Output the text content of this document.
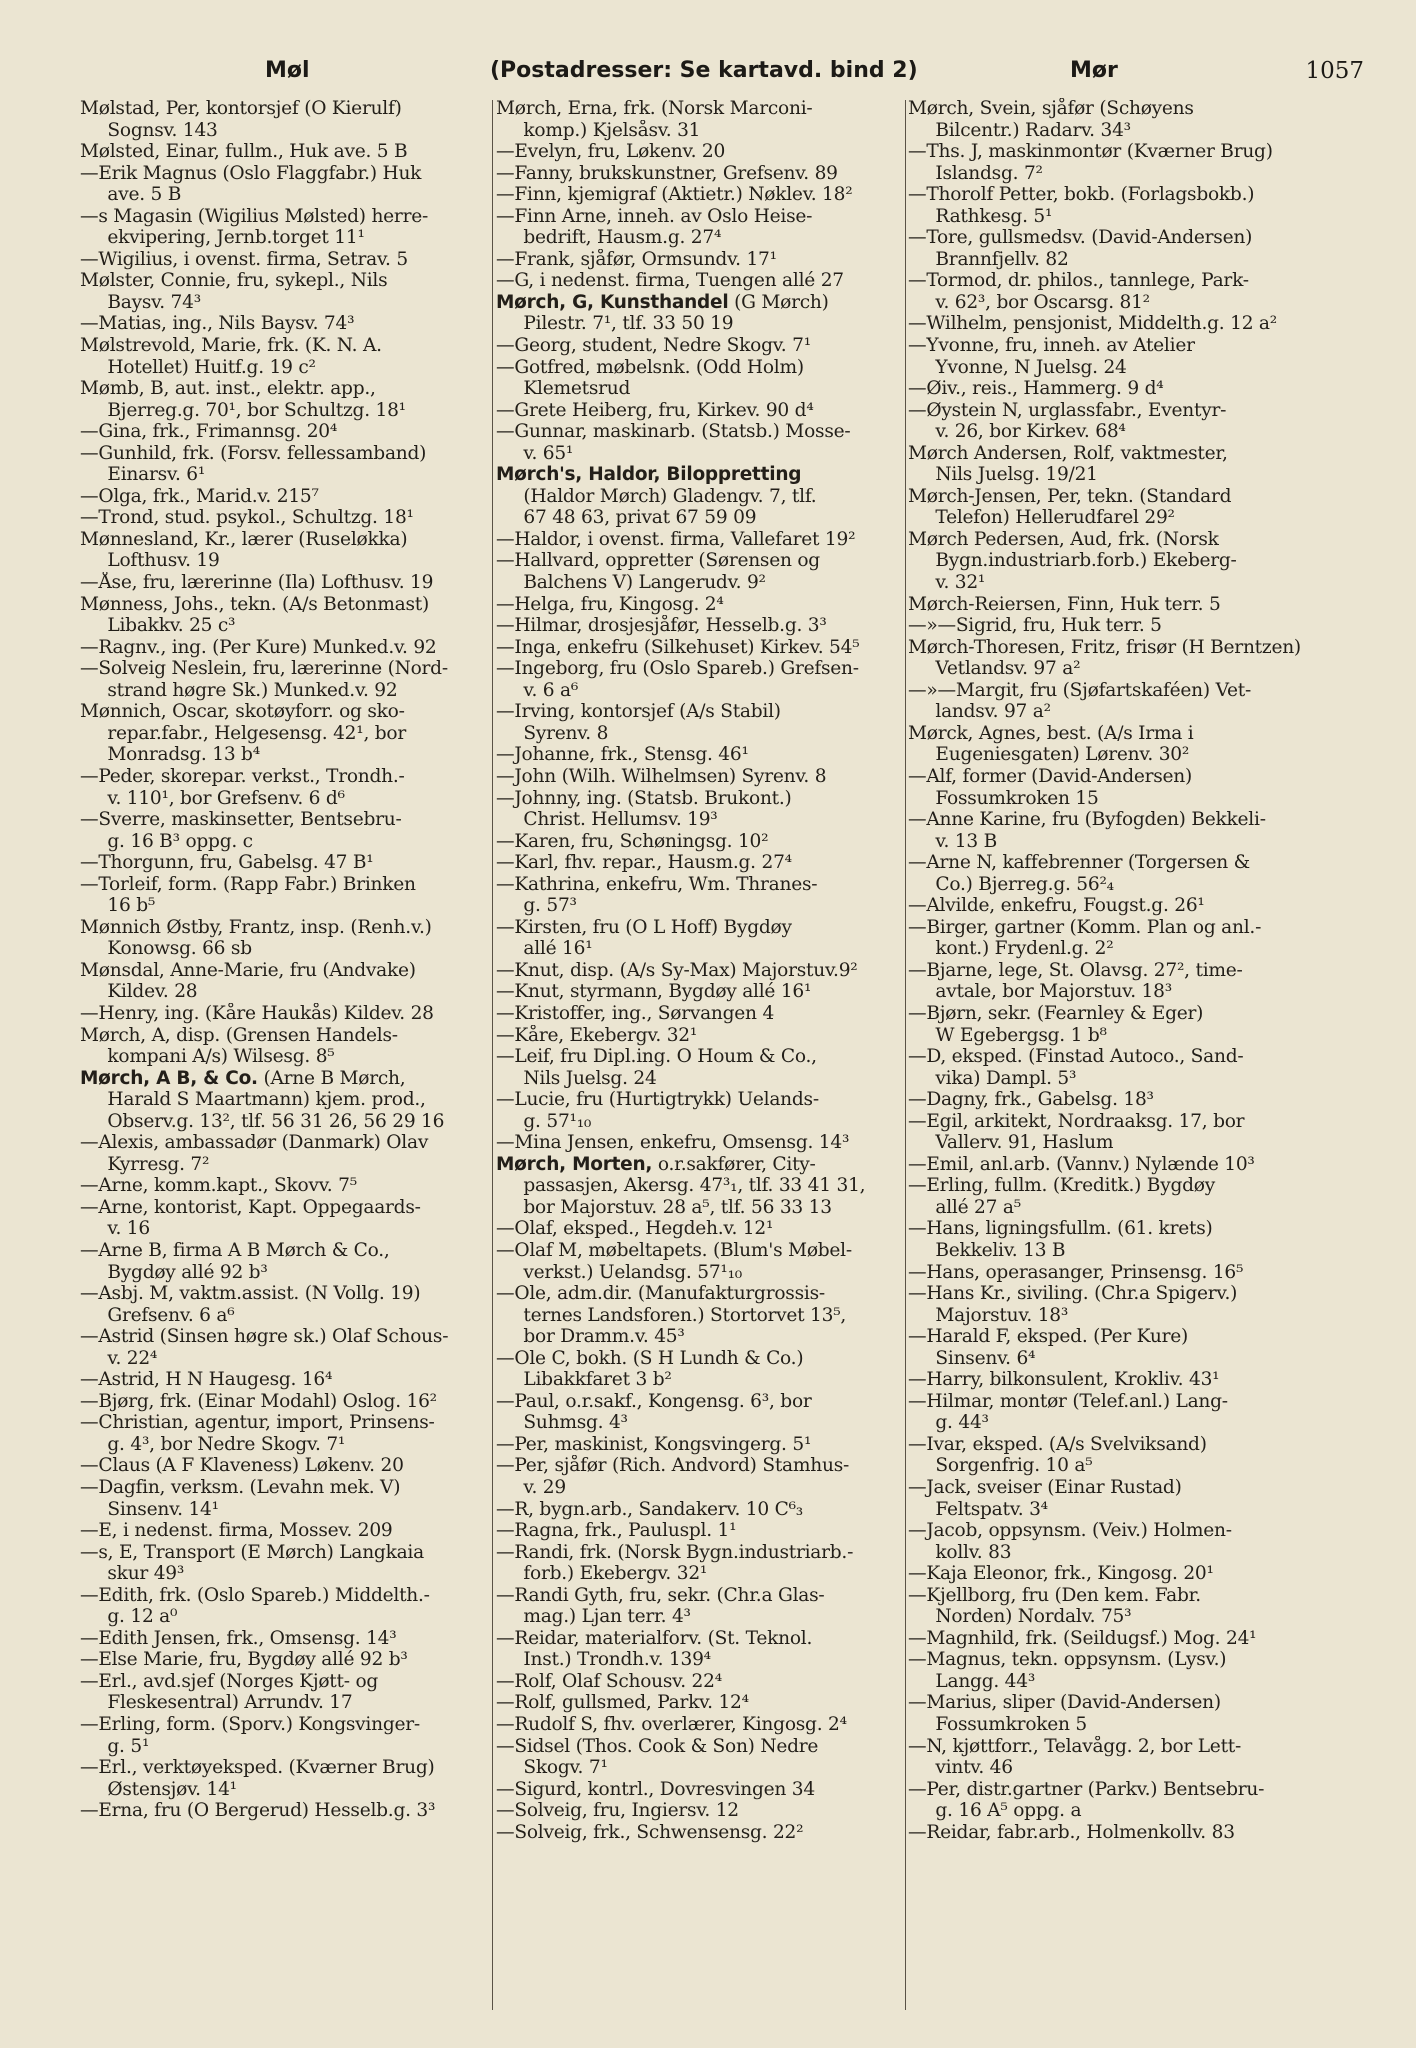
Møl	(Postadresser: Se kartavd. bind 2)	Mør	1057
Mølstad, Per, kontorsjef (O Kierulf)
  Sognsv. 143
Mølsted, Einar, fullm., Huk ave. 5 B
—Erik Magnus (Oslo Flaggfabr.) Huk
  ave. 5 B
—s Magasin (Wigilius Mølsted) herre-
  ekvipering, Jernb.torget 11¹
—Wigilius, i ovenst. firma, Setrav. 5
Mølster, Connie, fru, sykepl., Nils
  Baysv. 74³
—Matias, ing., Nils Baysv. 74³
Mølstrevold, Marie, frk. (K. N. A.
  Hotellet) Huitf.g. 19 c²
Mømb, B, aut. inst., elektr. app.,
  Bjerreg.g. 70¹, bor Schultzg. 18¹
—Gina, frk., Frimannsg. 20⁴
—Gunhild, frk. (Forsv. fellessamband)
  Einarsv. 6¹
—Olga, frk., Marid.v. 215⁷
—Trond, stud. psykol., Schultzg. 18¹
Mønnesland, Kr., lærer (Ruseløkka)
  Lofthusv. 19
—Åse, fru, lærerinne (Ila) Lofthusv. 19
Mønness, Johs., tekn. (A/s Betonmast)
  Libakkv. 25 c³
—Ragnv., ing. (Per Kure) Munked.v. 92
—Solveig Neslein, fru, lærerinne (Nord-
  strand høgre Sk.) Munked.v. 92
Mønnich, Oscar, skotøyforr. og sko-
  repar.fabr., Helgesensg. 42¹, bor
  Monradsg. 13 b⁴
—Peder, skorepar. verkst., Trondh.-
  v. 110¹, bor Grefsenv. 6 d⁶
—Sverre, maskinsetter, Bentsebru-
  g. 16 B³ oppg. c
—Thorgunn, fru, Gabelsg. 47 B¹
—Torleif, form. (Rapp Fabr.) Brinken
  16 b⁵
Mønnich Østby, Frantz, insp. (Renh.v.)
  Konowsg. 66 sb
Mønsdal, Anne-Marie, fru (Andvake)
  Kildev. 28
—Henry, ing. (Kåre Haukås) Kildev. 28
Mørch, A, disp. (Grensen Handels-
  kompani A/s) Wilsesg. 8⁵
Mørch, A B, & Co. (Arne B Mørch,
  Harald S Maartmann) kjem. prod.,
  Observ.g. 13², tlf. 56 31 26, 56 29 16
—Alexis, ambassadør (Danmark) Olav
  Kyrresg. 7²
—Arne, komm.kapt., Skovv. 7⁵
—Arne, kontorist, Kapt. Oppegaards-
  v. 16
—Arne B, firma A B Mørch & Co.,
  Bygdøy allé 92 b³
—Asbj. M, vaktm.assist. (N Vollg. 19)
  Grefsenv. 6 a⁶
—Astrid (Sinsen høgre sk.) Olaf Schous-
  v. 22⁴
—Astrid, H N Haugesg. 16⁴
—Bjørg, frk. (Einar Modahl) Oslog. 16²
—Christian, agentur, import, Prinsens-
  g. 4³, bor Nedre Skogv. 7¹
—Claus (A F Klaveness) Løkenv. 20
—Dagfin, verksm. (Levahn mek. V)
  Sinsenv. 14¹
—E, i nedenst. firma, Mossev. 209
—s, E, Transport (E Mørch) Langkaia
  skur 49³
—Edith, frk. (Oslo Spareb.) Middelth.-
  g. 12 a⁰
—Edith Jensen, frk., Omsensg. 14³
—Else Marie, fru, Bygdøy allé 92 b³
—Erl., avd.sjef (Norges Kjøtt- og
  Fleskesentral) Arrundv. 17
—Erling, form. (Sporv.) Kongsvinger-
  g. 5¹
—Erl., verktøyeksped. (Kværner Brug)
  Østensjøv. 14¹
—Erna, fru (O Bergerud) Hesselb.g. 3³
Mørch, Erna, frk. (Norsk Marconi-
  komp.) Kjelsåsv. 31
—Evelyn, fru, Løkenv. 20
—Fanny, brukskunstner, Grefsenv. 89
—Finn, kjemigraf (Aktietr.) Nøklev. 18²
—Finn Arne, inneh. av Oslo Heise-
  bedrift, Hausm.g. 27⁴
—Frank, sjåfør, Ormsundv. 17¹
—G, i nedenst. firma, Tuengen allé 27
Mørch, G, Kunsthandel (G Mørch)
  Pilestr. 7¹, tlf. 33 50 19
—Georg, student, Nedre Skogv. 7¹
—Gotfred, møbelsnk. (Odd Holm)
  Klemetsrud
—Grete Heiberg, fru, Kirkev. 90 d⁴
—Gunnar, maskinarb. (Statsb.) Mosse-
  v. 65¹
Mørch's, Haldor, Biloppretting
  (Haldor Mørch) Gladengv. 7, tlf.
  67 48 63, privat 67 59 09
—Haldor, i ovenst. firma, Vallefaret 19²
—Hallvard, oppretter (Sørensen og
  Balchens V) Langerudv. 9²
—Helga, fru, Kingosg. 2⁴
—Hilmar, drosjesjåfør, Hesselb.g. 3³
—Inga, enkefru (Silkehuset) Kirkev. 54⁵
—Ingeborg, fru (Oslo Spareb.) Grefsen-
  v. 6 a⁶
—Irving, kontorsjef (A/s Stabil)
  Syrenv. 8
—Johanne, frk., Stensg. 46¹
—John (Wilh. Wilhelmsen) Syrenv. 8
—Johnny, ing. (Statsb. Brukont.)
  Christ. Hellumsv. 19³
—Karen, fru, Schøningsg. 10²
—Karl, fhv. repar., Hausm.g. 27⁴
—Kathrina, enkefru, Wm. Thranes-
  g. 57³
—Kirsten, fru (O L Hoff) Bygdøy
  allé 16¹
—Knut, disp. (A/s Sy-Max) Majorstuv.9²
—Knut, styrmann, Bygdøy allé 16¹
—Kristoffer, ing., Sørvangen 4
—Kåre, Ekebergv. 32¹
—Leif, fru Dipl.ing. O Houm & Co.,
  Nils Juelsg. 24
—Lucie, fru (Hurtigtrykk) Uelands-
  g. 57¹₁₀
—Mina Jensen, enkefru, Omsensg. 14³
Mørch, Morten, o.r.sakfører, City-
  passasjen, Akersg. 47³₁, tlf. 33 41 31,
  bor Majorstuv. 28 a⁵, tlf. 56 33 13
—Olaf, eksped., Hegdeh.v. 12¹
—Olaf M, møbeltapets. (Blum's Møbel-
  verkst.) Uelandsg. 57¹₁₀
—Ole, adm.dir. (Manufakturgrossis-
  ternes Landsforen.) Stortorvet 13⁵,
  bor Dramm.v. 45³
—Ole C, bokh. (S H Lundh & Co.)
  Libakkfaret 3 b²
—Paul, o.r.sakf., Kongensg. 6³, bor
  Suhmsg. 4³
—Per, maskinist, Kongsvingerg. 5¹
—Per, sjåfør (Rich. Andvord) Stamhus-
  v. 29
—R, bygn.arb., Sandakerv. 10 C⁶₃
—Ragna, frk., Pauluspl. 1¹
—Randi, frk. (Norsk Bygn.industriarb.-
  forb.) Ekebergv. 32¹
—Randi Gyth, fru, sekr. (Chr.a Glas-
  mag.) Ljan terr. 4³
—Reidar, materialforv. (St. Teknol.
  Inst.) Trondh.v. 139⁴
—Rolf, Olaf Schousv. 22⁴
—Rolf, gullsmed, Parkv. 12⁴
—Rudolf S, fhv. overlærer, Kingosg. 2⁴
—Sidsel (Thos. Cook & Son) Nedre
  Skogv. 7¹
—Sigurd, kontrl., Dovresvingen 34
—Solveig, fru, Ingiersv. 12
—Solveig, frk., Schwensensg. 22²
Mørch, Svein, sjåfør (Schøyens
  Bilcentr.) Radarv. 34³
—Ths. J, maskinmontør (Kværner Brug)
  Islandsg. 7²
—Thorolf Petter, bokb. (Forlagsbokb.)
  Rathkesg. 5¹
—Tore, gullsmedsv. (David-Andersen)
  Brannfjellv. 82
—Tormod, dr. philos., tannlege, Park-
  v. 62³, bor Oscarsg. 81²
—Wilhelm, pensjonist, Middelth.g. 12 a²
—Yvonne, fru, inneh. av Atelier
  Yvonne, N Juelsg. 24
—Øiv., reis., Hammerg. 9 d⁴
—Øystein N, urglassfabr., Eventyr-
  v. 26, bor Kirkev. 68⁴
Mørch Andersen, Rolf, vaktmester,
  Nils Juelsg. 19/21
Mørch-Jensen, Per, tekn. (Standard
  Telefon) Hellerudfarel 29²
Mørch Pedersen, Aud, frk. (Norsk
  Bygn.industriarb.forb.) Ekeberg-
  v. 32¹
Mørch-Reiersen, Finn, Huk terr. 5
—»—Sigrid, fru, Huk terr. 5
Mørch-Thoresen, Fritz, frisør (H Berntzen)
  Vetlandsv. 97 a²
—»—Margit, fru (Sjøfartskaféen) Vet-
  landsv. 97 a²
Mørck, Agnes, best. (A/s Irma i
  Eugeniesgaten) Lørenv. 30²
—Alf, former (David-Andersen)
  Fossumkroken 15
—Anne Karine, fru (Byfogden) Bekkeli-
  v. 13 B
—Arne N, kaffebrenner (Torgersen &
  Co.) Bjerreg.g. 56²₄
—Alvilde, enkefru, Fougst.g. 26¹
—Birger, gartner (Komm. Plan og anl.-
  kont.) Frydenl.g. 2²
—Bjarne, lege, St. Olavsg. 27², time-
  avtale, bor Majorstuv. 18³
—Bjørn, sekr. (Fearnley & Eger)
  W Egebergsg. 1 b⁸
—D, eksped. (Finstad Autoco., Sand-
  vika) Dampl. 5³
—Dagny, frk., Gabelsg. 18³
—Egil, arkitekt, Nordraaksg. 17, bor
  Vallerv. 91, Haslum
—Emil, anl.arb. (Vannv.) Nylænde 10³
—Erling, fullm. (Kreditk.) Bygdøy
  allé 27 a⁵
—Hans, ligningsfullm. (61. krets)
  Bekkeliv. 13 B
—Hans, operasanger, Prinsensg. 16⁵
—Hans Kr., siviling. (Chr.a Spigerv.)
  Majorstuv. 18³
—Harald F, eksped. (Per Kure)
  Sinsenv. 6⁴
—Harry, bilkonsulent, Krokliv. 43¹
—Hilmar, montør (Telef.anl.) Lang-
  g. 44³
—Ivar, eksped. (A/s Svelviksand)
  Sorgenfrig. 10 a⁵
—Jack, sveiser (Einar Rustad)
  Feltspatv. 3⁴
—Jacob, oppsynsm. (Veiv.) Holmen-
  kollv. 83
—Kaja Eleonor, frk., Kingosg. 20¹
—Kjellborg, fru (Den kem. Fabr.
  Norden) Nordalv. 75³
—Magnhild, frk. (Seildugsf.) Mog. 24¹
—Magnus, tekn. oppsynsm. (Lysv.)
  Langg. 44³
—Marius, sliper (David-Andersen)
  Fossumkroken 5
—N, kjøttforr., Telavågg. 2, bor Lett-
  vintv. 46
—Per, distr.gartner (Parkv.) Bentsebru-
  g. 16 A⁵ oppg. a
—Reidar, fabr.arb., Holmenkollv. 83
